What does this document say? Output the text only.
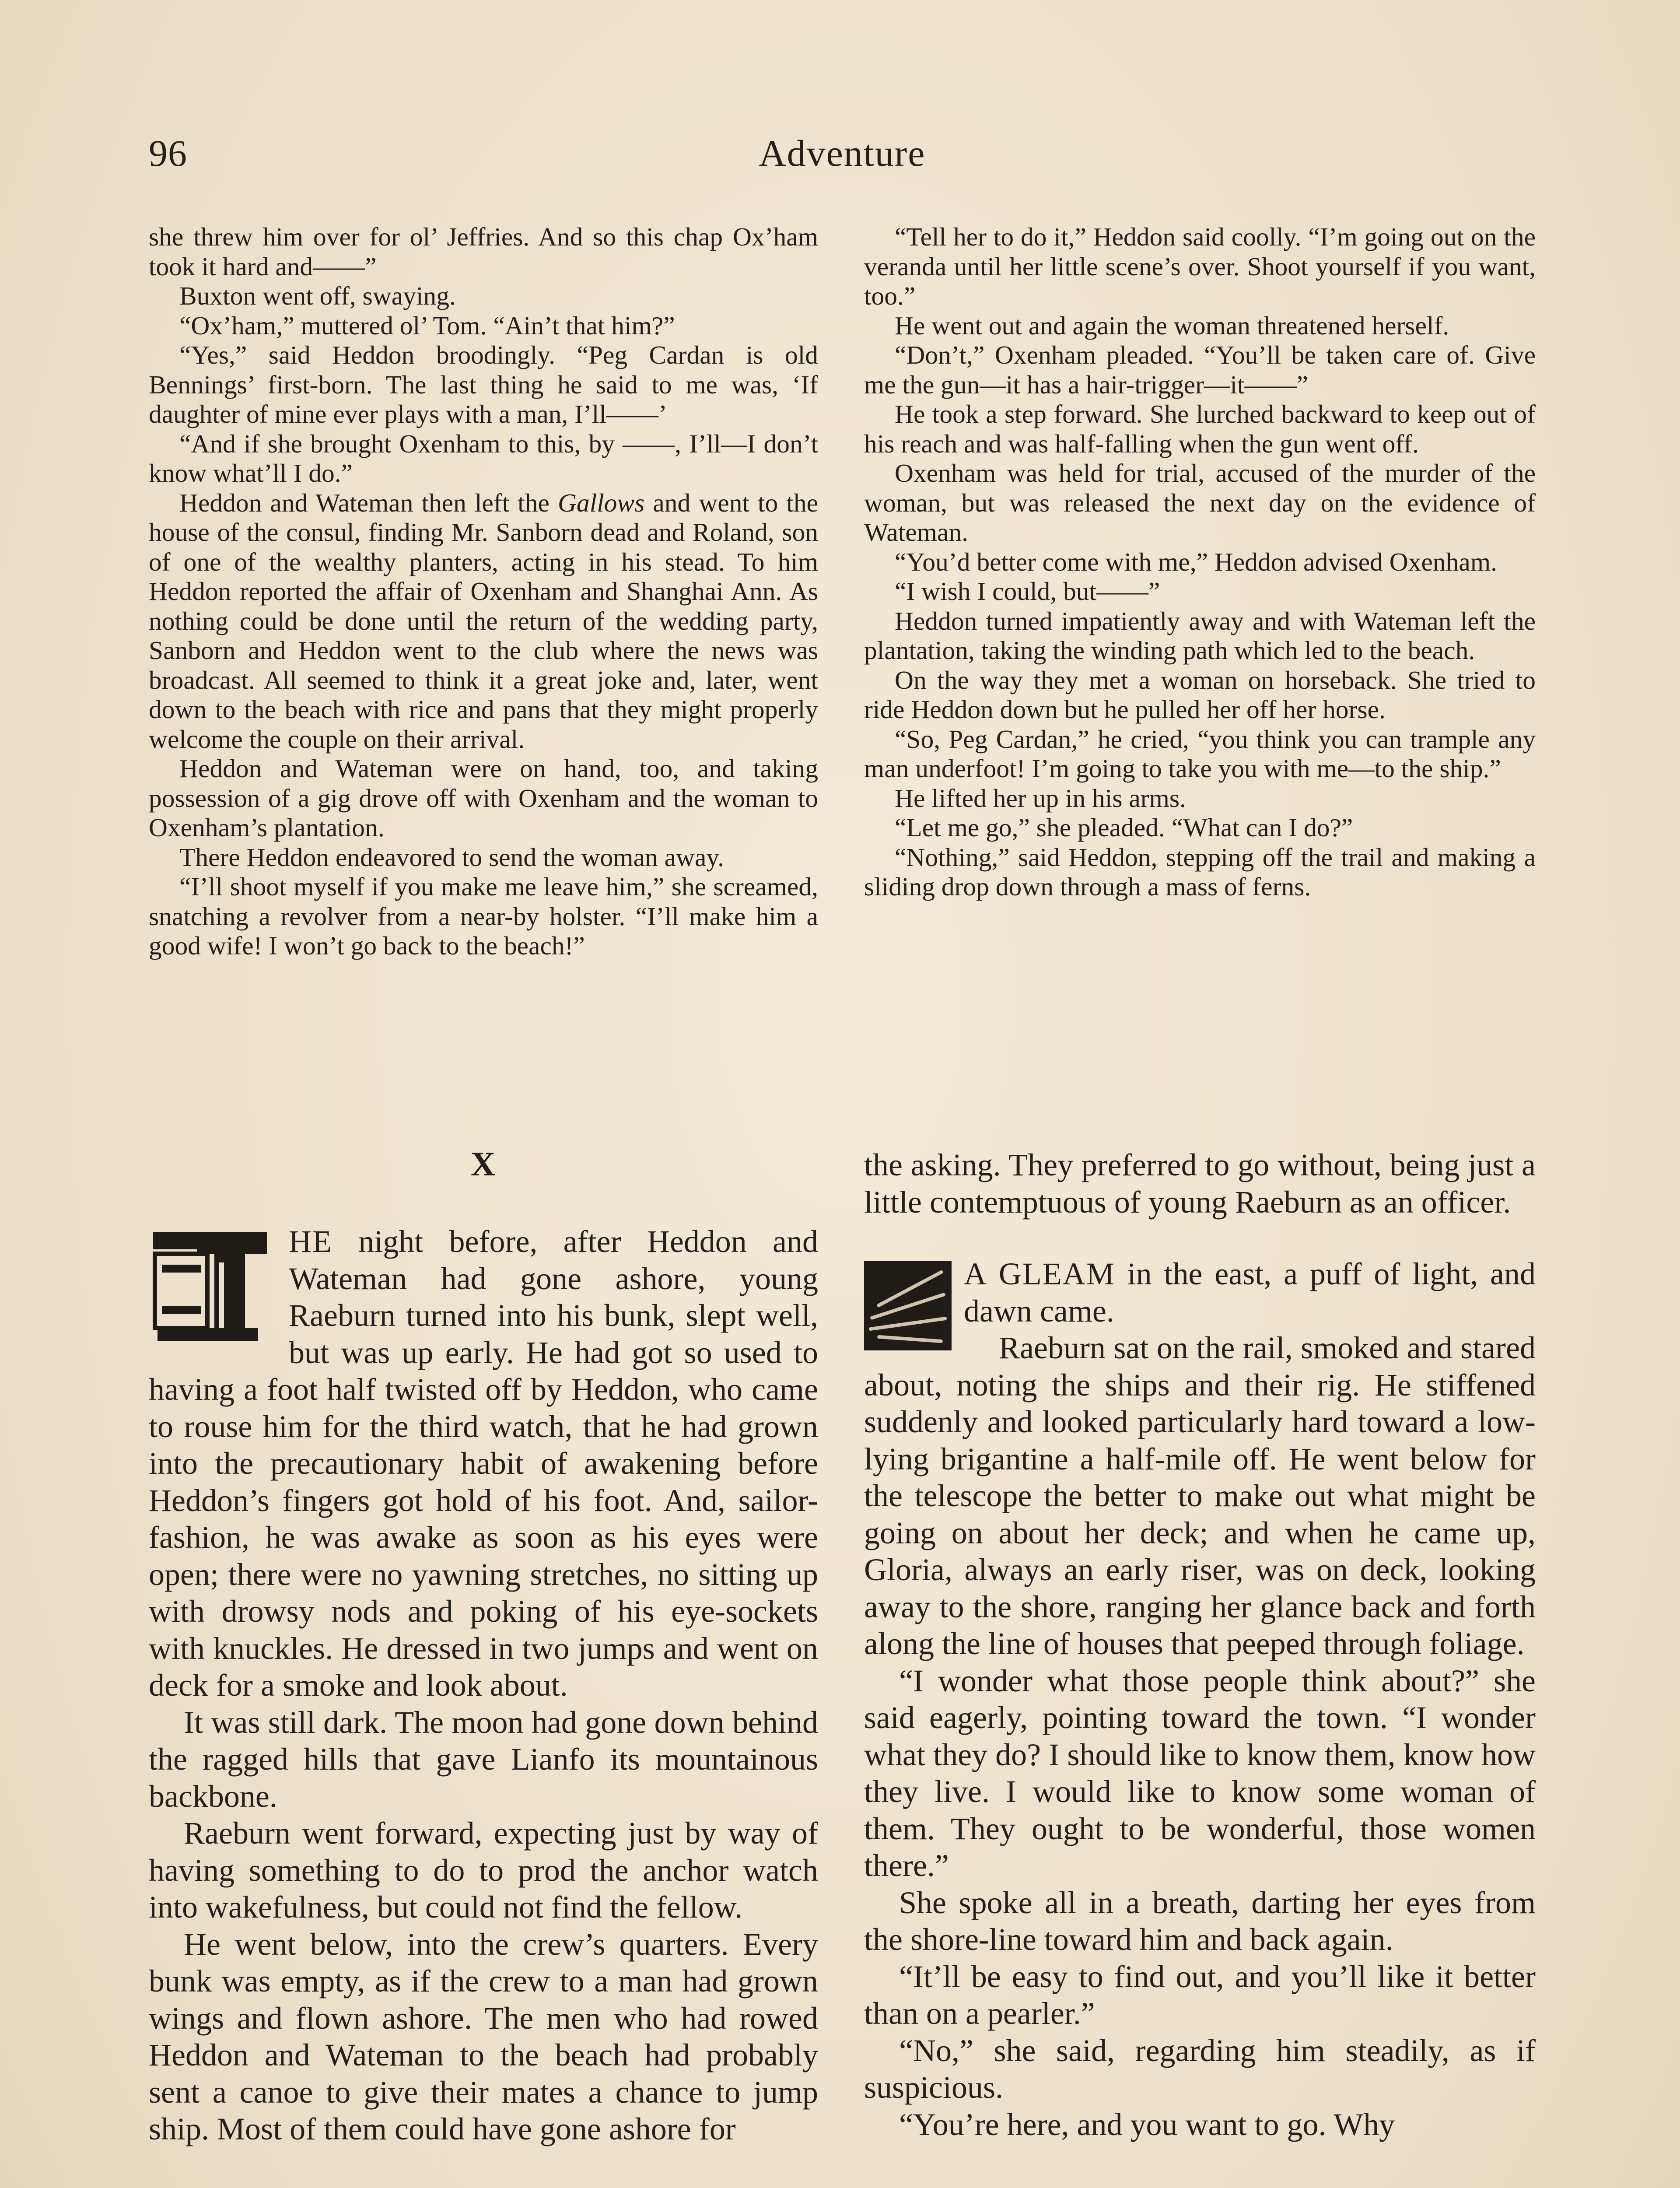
96	Adventure

she threw him over for ol’ Jeffries. And so this chap Ox’ham took it hard and——”

Buxton went off, swaying.

“Ox’ham,” muttered ol’ Tom. “Ain’t that him?”

“Yes,” said Heddon broodingly. “Peg Cardan is old Bennings’ first-born. The last thing he said to me was, ‘If daughter of mine ever plays with a man, I’ll——’

“And if she brought Oxenham to this, by ——, I’ll—I don’t know what’ll I do.”

Heddon and Wateman then left the Gallows and went to the house of the consul, finding Mr. Sanborn dead and Roland, son of one of the wealthy planters, acting in his stead. To him Heddon reported the affair of Oxenham and Shanghai Ann. As nothing could be done until the return of the wedding party, Sanborn and Heddon went to the club where the news was broadcast. All seemed to think it a great joke and, later, went down to the beach with rice and pans that they might properly welcome the couple on their arrival.

Heddon and Wateman were on hand, too, and taking possession of a gig drove off with Oxenham and the woman to Oxenham’s plantation.

There Heddon endeavored to send the woman away.

“I’ll shoot myself if you make me leave him,” she screamed, snatching a revolver from a near-by holster. “I’ll make him a good wife! I won’t go back to the beach!”

“Tell her to do it,” Heddon said coolly. “I’m going out on the veranda until her little scene’s over. Shoot yourself if you want, too.”

He went out and again the woman threatened herself.

“Don’t,” Oxenham pleaded. “You’ll be taken care of. Give me the gun—it has a hair-trigger—it——”

He took a step forward. She lurched backward to keep out of his reach and was half-falling when the gun went off.

Oxenham was held for trial, accused of the murder of the woman, but was released the next day on the evidence of Wateman.

“You’d better come with me,” Heddon advised Oxenham.

“I wish I could, but——”

Heddon turned impatiently away and with Wateman left the plantation, taking the winding path which led to the beach.

On the way they met a woman on horseback. She tried to ride Heddon down but he pulled her off her horse.

“So, Peg Cardan,” he cried, “you think you can trample any man underfoot! I’m going to take you with me—to the ship.”

He lifted her up in his arms.

“Let me go,” she pleaded. “What can I do?”

“Nothing,” said Heddon, stepping off the trail and making a sliding drop down through a mass of ferns.

X

HE night before, after Heddon and Wateman had gone ashore, young Raeburn turned into his bunk, slept well, but was up early. He had got so used to having a foot half twisted off by Heddon, who came to rouse him for the third watch, that he had grown into the precautionary habit of awakening before Heddon’s fingers got hold of his foot. And, sailor-fashion, he was awake as soon as his eyes were open; there were no yawning stretches, no sitting up with drowsy nods and poking of his eye-sockets with knuckles. He dressed in two jumps and went on deck for a smoke and look about.

It was still dark. The moon had gone down behind the ragged hills that gave Lianfo its mountainous backbone.

Raeburn went forward, expecting just by way of having something to do to prod the anchor watch into wakefulness, but could not find the fellow.

He went below, into the crew’s quarters. Every bunk was empty, as if the crew to a man had grown wings and flown ashore. The men who had rowed Heddon and Wateman to the beach had probably sent a canoe to give their mates a chance to jump ship. Most of them could have gone ashore for

the asking. They preferred to go without, being just a little contemptuous of young Raeburn as an officer.

A GLEAM in the east, a puff of light, and dawn came.

Raeburn sat on the rail, smoked and stared about, noting the ships and their rig. He stiffened suddenly and looked particularly hard toward a low-lying brigantine a half-mile off. He went below for the telescope the better to make out what might be going on about her deck; and when he came up, Gloria, always an early riser, was on deck, looking away to the shore, ranging her glance back and forth along the line of houses that peeped through foliage.

“I wonder what those people think about?” she said eagerly, pointing toward the town. “I wonder what they do? I should like to know them, know how they live. I would like to know some woman of them. They ought to be wonderful, those women there.”

She spoke all in a breath, darting her eyes from the shore-line toward him and back again.

“It’ll be easy to find out, and you’ll like it better than on a pearler.”

“No,” she said, regarding him steadily, as if suspicious.

“You’re here, and you want to go. Why
